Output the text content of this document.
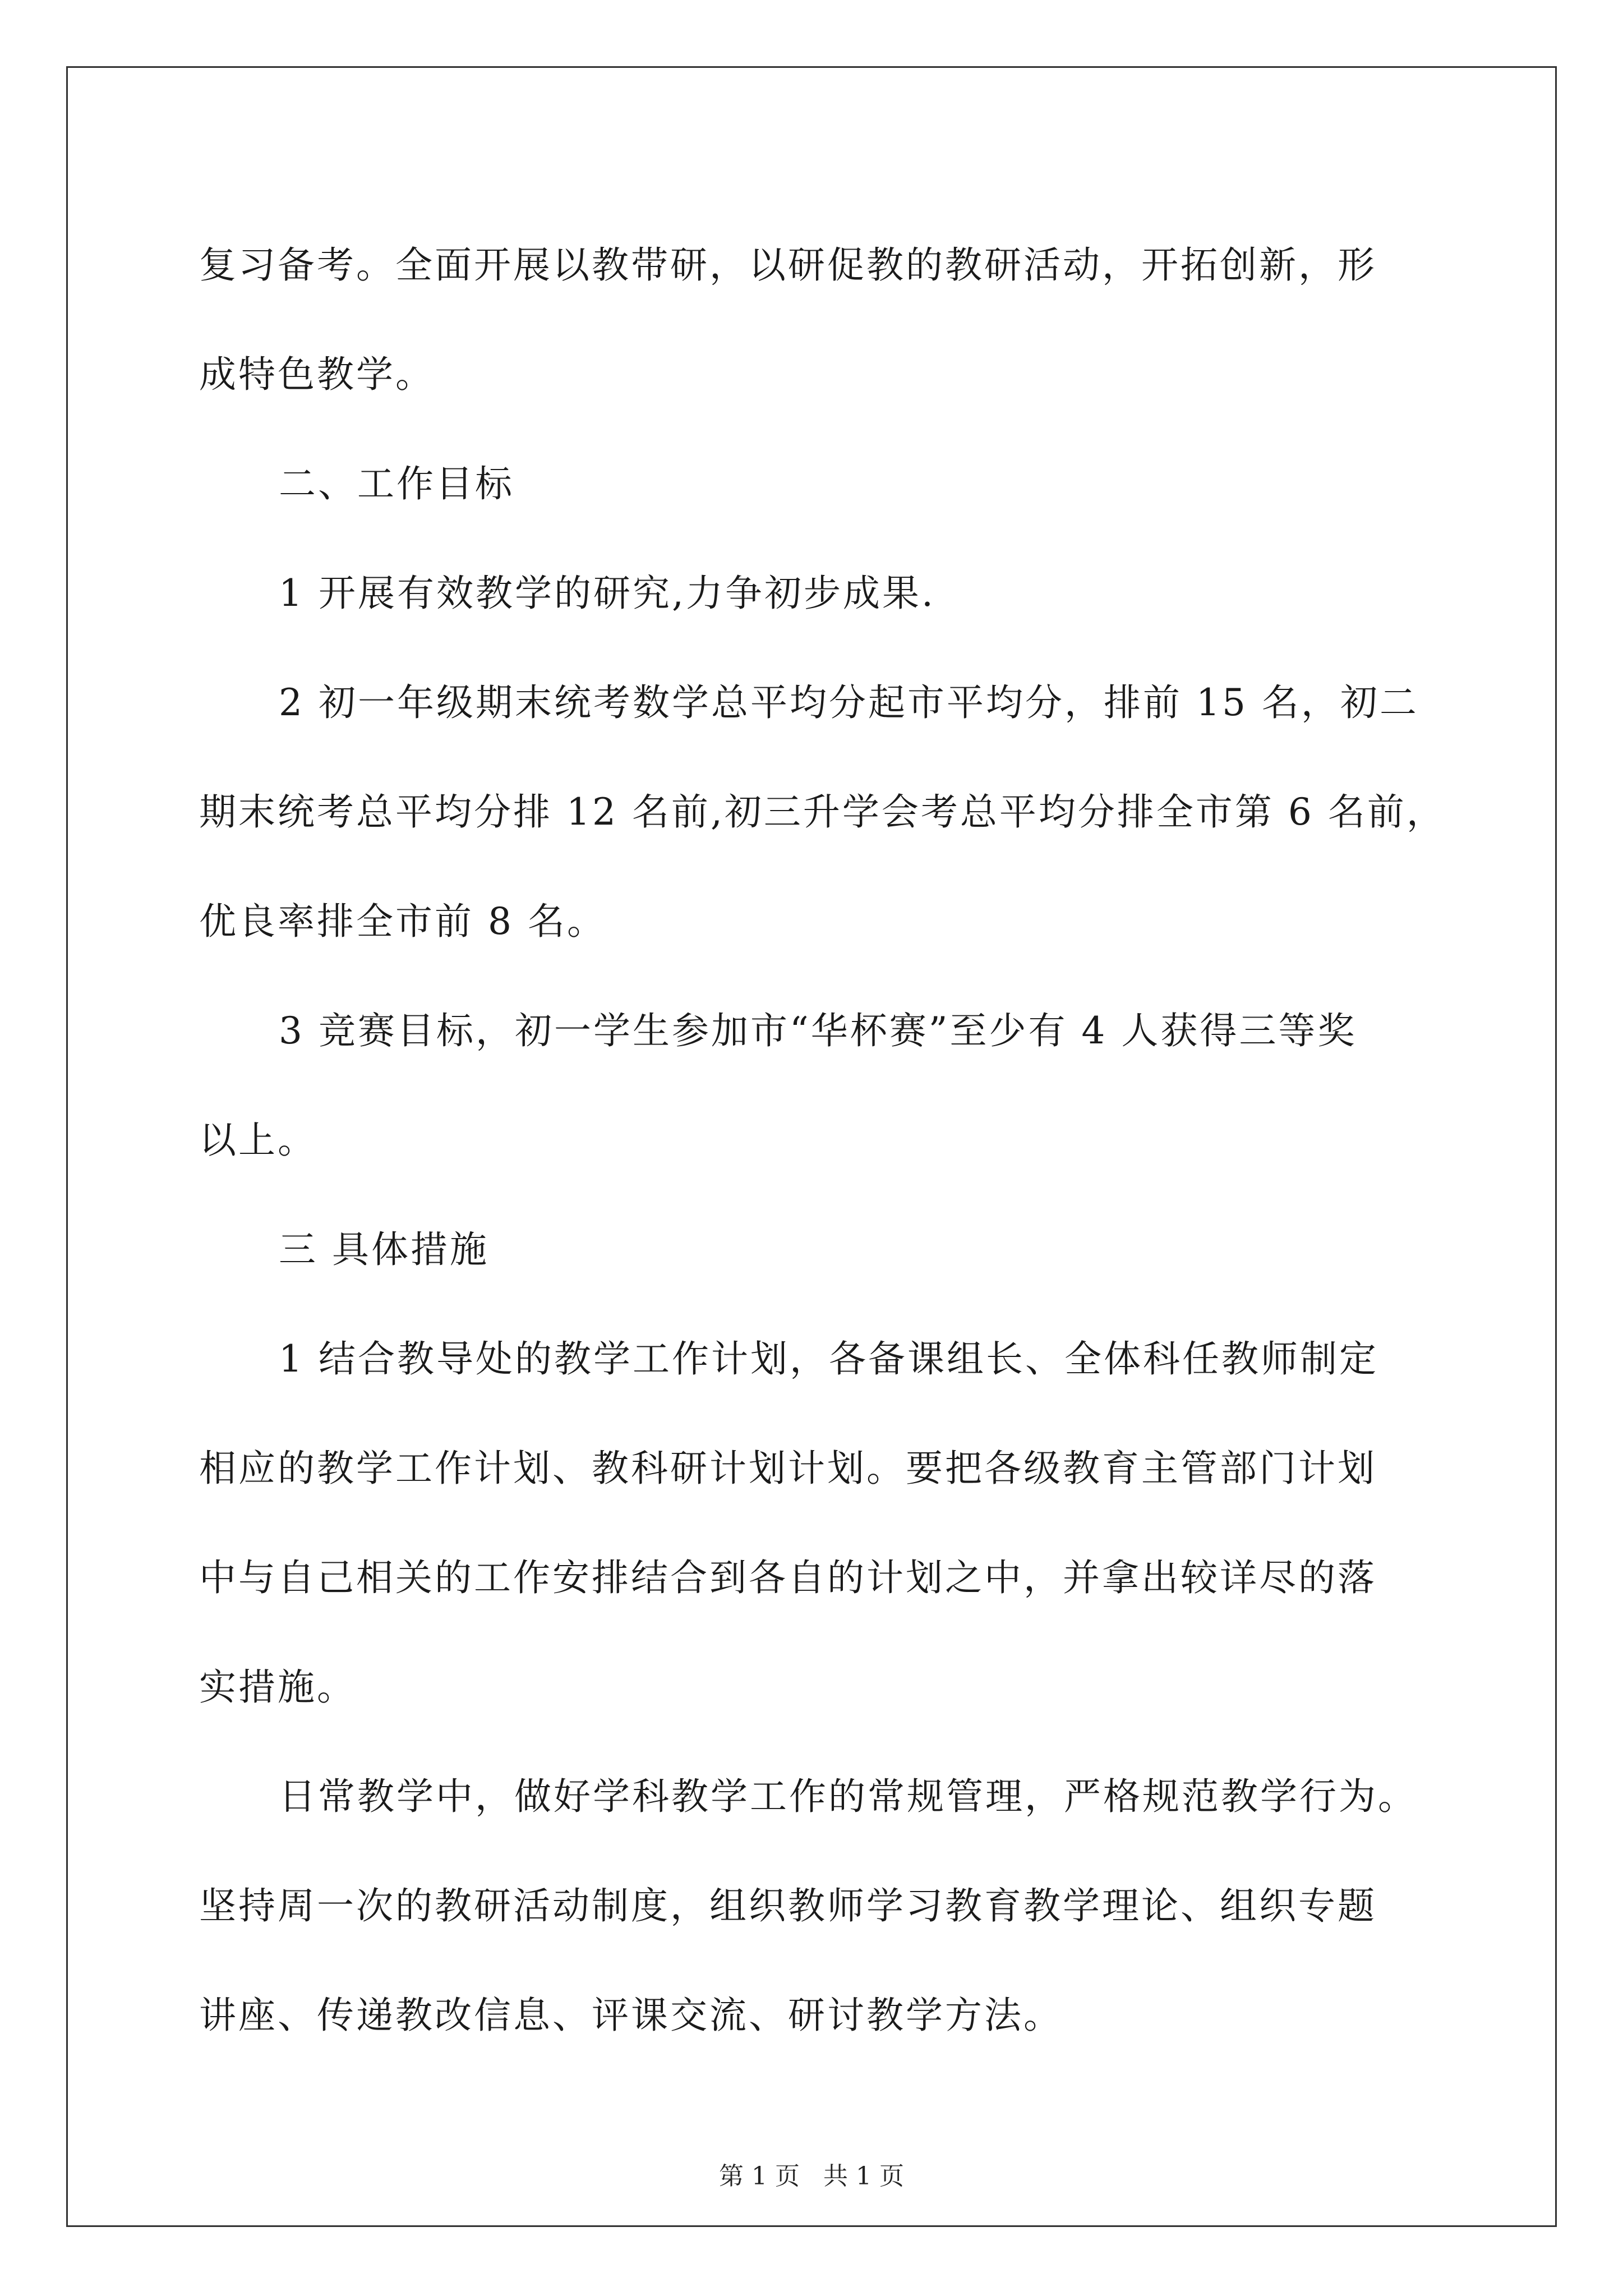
复习备考。全面开展以教带研，以研促教的教研活动，开拓创新，形

成特色教学。

二、工作目标

1 开展有效教学的研究,力争初步成果.

2 初一年级期末统考数学总平均分起市平均分，排前 15 名，初二

期末统考总平均分排 12 名前,初三升学会考总平均分排全市第 6 名前，

优良率排全市前 8 名。

3 竞赛目标，初一学生参加市“华杯赛”至少有 4 人获得三等奖

以上。

三 具体措施

1 结合教导处的教学工作计划，各备课组长、全体科任教师制定

相应的教学工作计划、教科研计划计划。要把各级教育主管部门计划

中与自己相关的工作安排结合到各自的计划之中，并拿出较详尽的落

实措施。

日常教学中，做好学科教学工作的常规管理，严格规范教学行为。

坚持周一次的教研活动制度，组织教师学习教育教学理论、组织专题

讲座、传递教改信息、评课交流、研讨教学方法。

第 1 页 共 1 页
